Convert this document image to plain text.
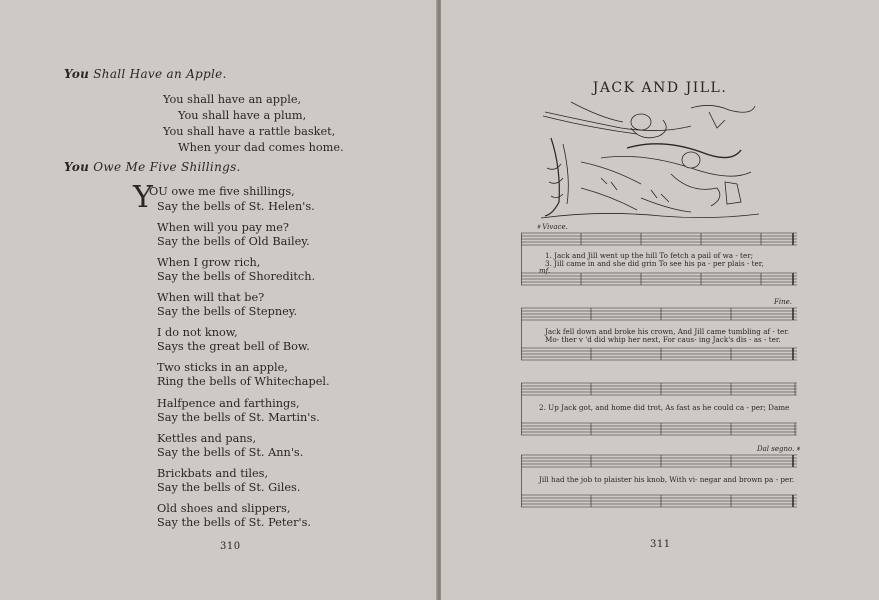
You Shall Have an Apple.
You shall have an apple,
You shall have a plum,
You shall have a rattle basket,
When your dad comes home.
You Owe Me Five Shillings.
Y
OU owe me five shillings,
Say the bells of St. Helen's.
When will you pay me?
Say the bells of Old Bailey.
When I grow rich,
Say the bells of Shoreditch.
When will that be?
Say the bells of Stepney.
I do not know,
Says the great bell of Bow.
Two sticks in an apple,
Ring the bells of Whitechapel.
Halfpence and farthings,
Say the bells of St. Martin's.
Kettles and pans,
Say the bells of St. Ann's.
Brickbats and tiles,
Say the bells of St. Giles.
Old shoes and slippers,
Say the bells of St. Peter's.
310
JACK AND JILL.
𝄋 Vivace.
1. Jack and Jill went up the hill To fetch a pail of wa - ter;
3. Jill came in and she did grin To see his pa - per plais - ter,
mf.
Fine.
Jack fell down and broke his crown, And Jill came tumbling af - ter.
Mo- ther v 'd did whip her next, For caus- ing Jack's dis - as - ter.
2. Up Jack got, and home did trot, As fast as he could ca - per; Dame
Dal segno. 𝄋
Jill had the job to plaister his knob, With vi- negar and brown pa - per.
311
